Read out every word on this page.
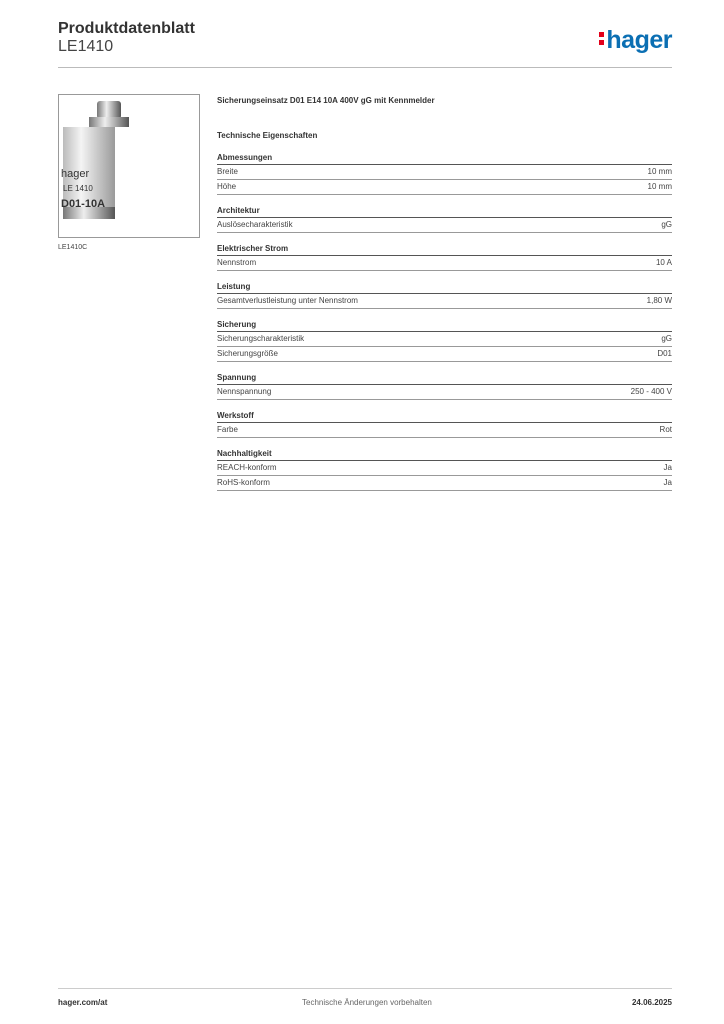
Produktdatenblatt
LE1410	hager
hager
LE 1410
D01-10A
LE1410C
Sicherungseinsatz D01 E14 10A 400V gG mit Kennmelder
Technische Eigenschaften
Abmessungen
Breite	10 mm
Höhe	10 mm
Architektur
Auslösecharakteristik	gG
Elektrischer Strom
Nennstrom	10 A
Leistung
Gesamtverlustleistung unter Nennstrom	1,80 W
Sicherung
Sicherungscharakteristik	gG
Sicherungsgröße	D01
Spannung
Nennspannung	250 - 400 V
Werkstoff
Farbe	Rot
Nachhaltigkeit
REACH-konform	Ja
RoHS-konform	Ja
hager.com/at	Technische Änderungen vorbehalten	24.06.2025
